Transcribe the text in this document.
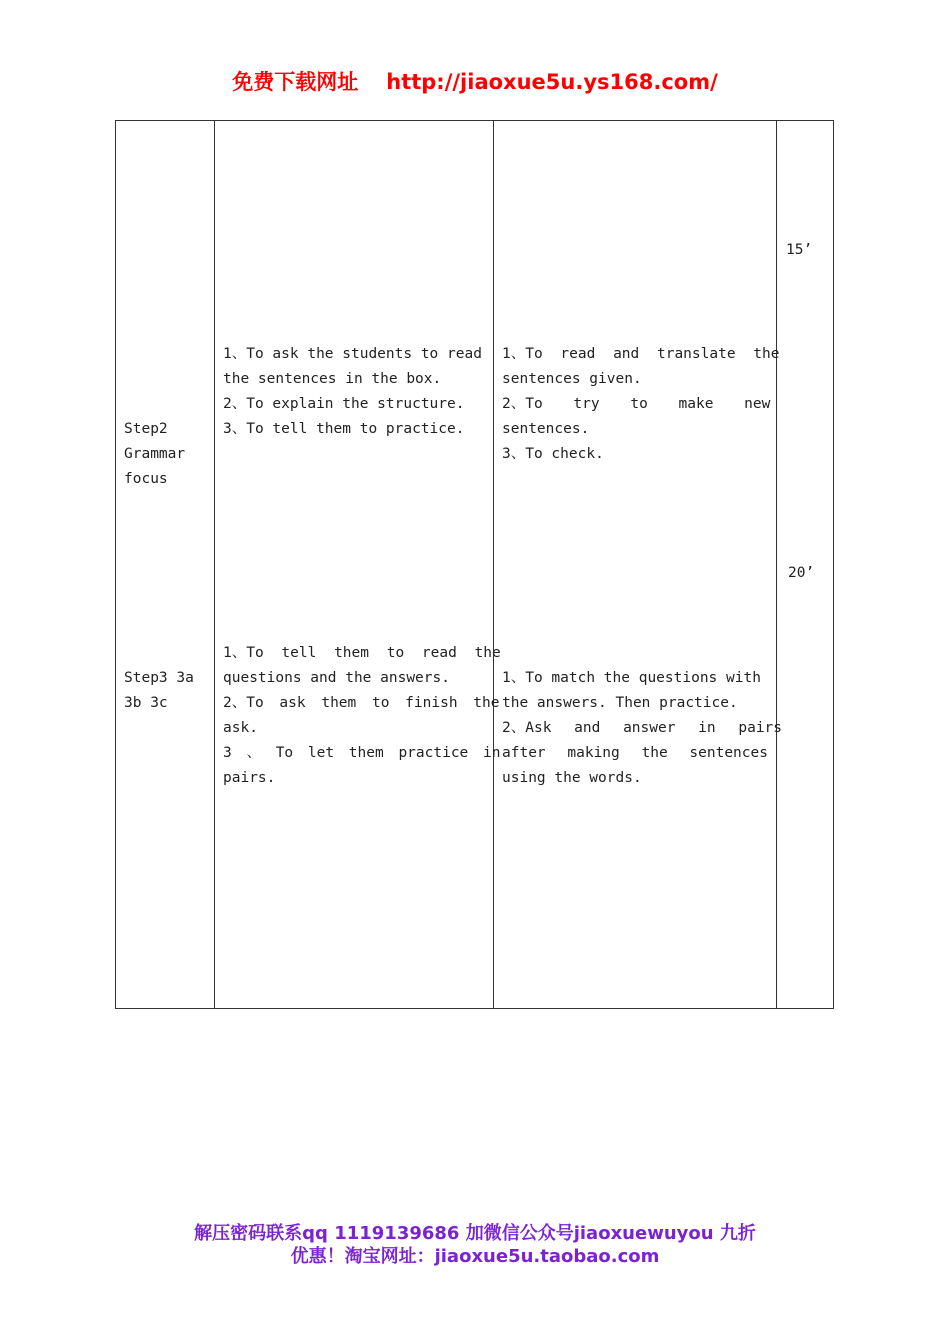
免费下载网址 http://jiaoxue5u.ys168.com/
Step2
Grammar
focus
1、To ask the students to read
the sentences in the box.
2、To explain the structure.
3、To tell them to practice.
1、To read and translate the
sentences given.
2、To try to make new
sentences.
3、To check.
15’
Step3 3a
3b 3c
1、To tell them to read the
questions and the answers.
2、To ask them to finish the
ask.
3 、 To let them practice in
pairs.
1、To match the questions with
the answers. Then practice.
2、Ask and answer in pairs
after making the sentences
using the words.
20’
解压密码联系qq 1119139686 加微信公众号jiaoxuewuyou 九折
优惠！淘宝网址：jiaoxue5u.taobao.com
